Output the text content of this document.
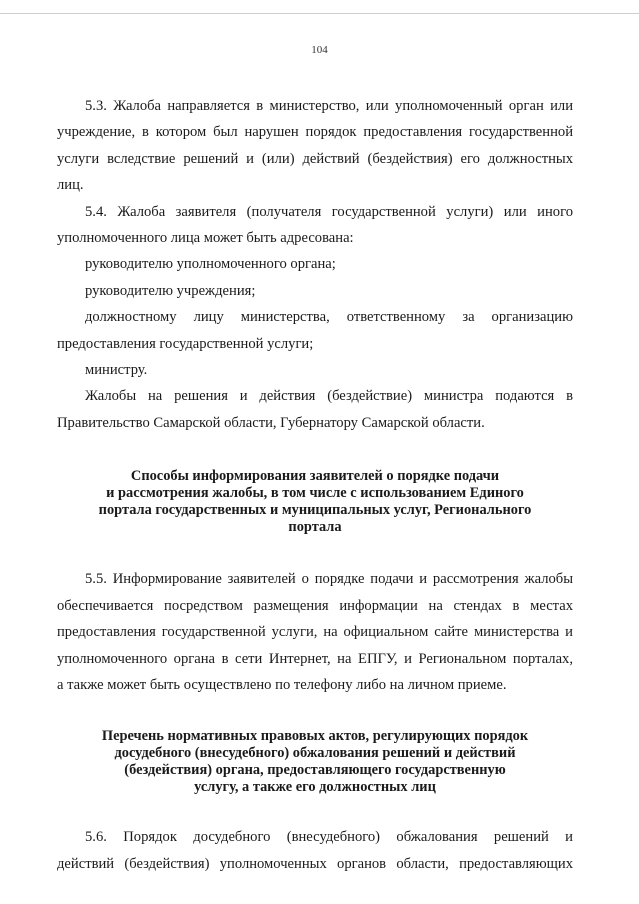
104

5.3. Жалоба направляется в министерство, или уполномоченный орган или

учреждение, в котором был нарушен порядок предоставления государственной

услуги вследствие решений и (или) действий (бездействия) его должностных

лиц.

5.4. Жалоба заявителя (получателя государственной услуги) или иного

уполномоченного лица может быть адресована:

руководителю уполномоченного органа;

руководителю учреждения;

должностному лицу министерства, ответственному за организацию

предоставления государственной услуги;

министру.

Жалобы на решения и действия (бездействие) министра подаются в

Правительство Самарской области, Губернатору Самарской области.

Способы информирования заявителей о порядке подачи
и рассмотрения жалобы, в том числе с использованием Единого
портала государственных и муниципальных услуг, Регионального
портала

5.5. Информирование заявителей о порядке подачи и рассмотрения жалобы

обеспечивается посредством размещения информации на стендах в местах

предоставления государственной услуги, на официальном сайте министерства и

уполномоченного органа в сети Интернет, на ЕПГУ, и Региональном порталах,

а также может быть осуществлено по телефону либо на личном приеме.

Перечень нормативных правовых актов, регулирующих порядок
досудебного (внесудебного) обжалования решений и действий
(бездействия) органа, предоставляющего государственную
услугу, а также его должностных лиц

5.6. Порядок досудебного (внесудебного) обжалования решений и

действий (бездействия) уполномоченных органов области, предоставляющих
